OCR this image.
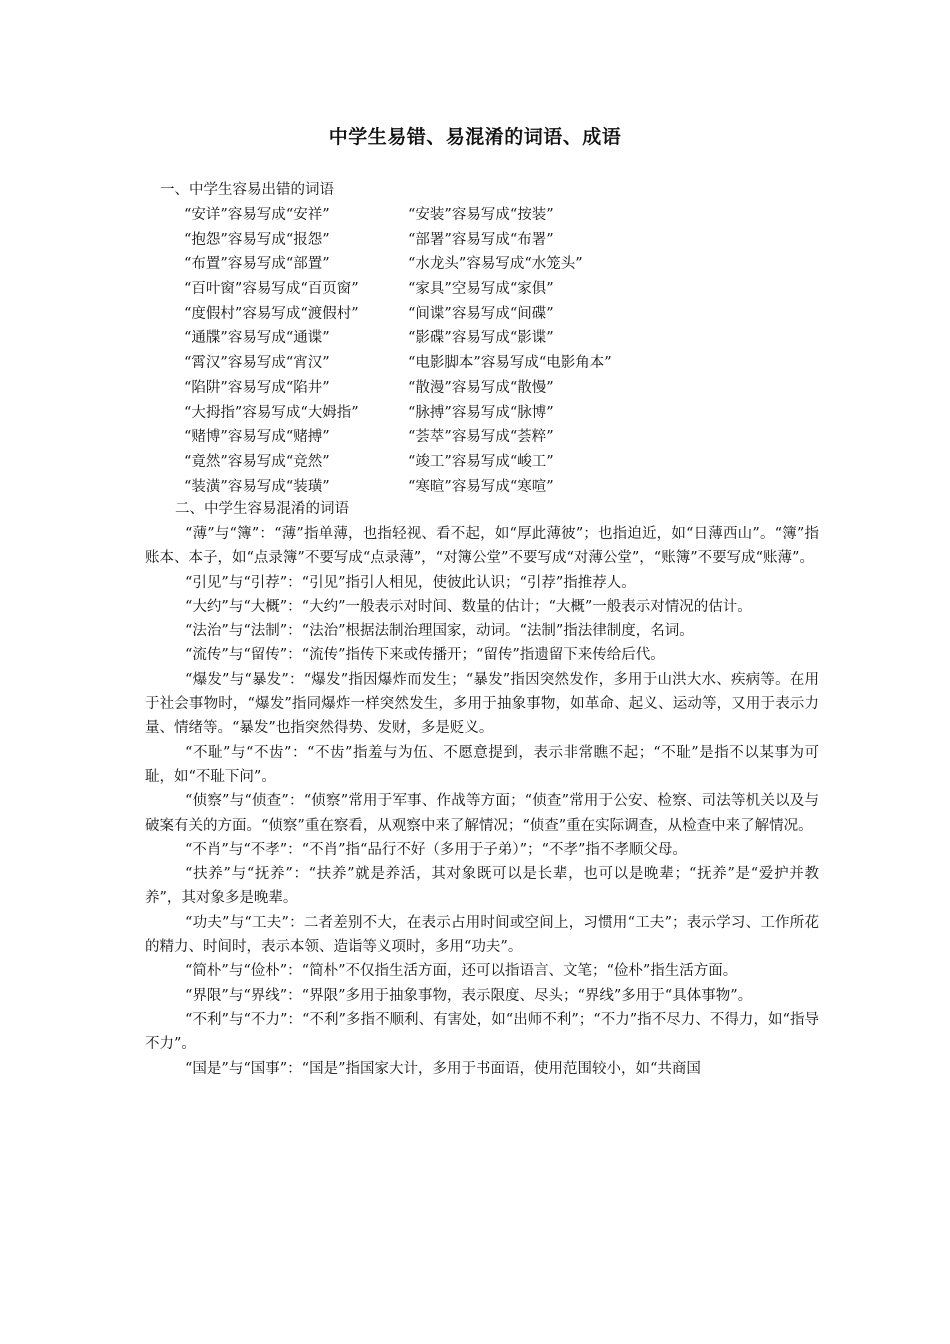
中学生易错、易混淆的词语、成语
一、中学生容易出错的词语
“安详”容易写成“安祥”	“安装”容易写成“按装”
“抱怨”容易写成“报怨”	“部署”容易写成“布署”
“布置”容易写成“部置”	“水龙头”容易写成“水笼头”
“百叶窗”容易写成“百页窗”	“家具”空易写成“家俱”
“度假村”容易写成“渡假村”	“间谍”容易写成“间碟”
“通牒”容易写成“通谍”	“影碟”容易写成“影谍”
“霄汉”容易写成“宵汉”	“电影脚本”容易写成“电影角本”
“陷阱”容易写成“陷井”	“散漫”容易写成“散慢”
“大拇指”容易写成“大姆指”	“脉搏”容易写成“脉博”
“赌博”容易写成“赌搏”	“荟萃”容易写成“荟粹”
“竟然”容易写成“竞然”	“竣工”容易写成“峻工”
“装潢”容易写成“装璜”	“寒暄”容易写成“寒喧”
二、中学生容易混淆的词语

“薄”与“簿”：“薄”指单薄，也指轻视、看不起，如“厚此薄彼”；也指迫近，如“日薄西山”。“簿”指账本、本子，如“点录簿”不要写成“点录薄”，“对簿公堂”不要写成“对薄公堂”，“账簿”不要写成“账薄”。

“引见”与“引荐”：“引见”指引人相见，使彼此认识；“引荐”指推荐人。

“大约”与“大概”：“大约”一般表示对时间、数量的估计；“大概”一般表示对情况的估计。

“法治”与“法制”：“法治”根据法制治理国家，动词。“法制”指法律制度，名词。

“流传”与“留传”：“流传”指传下来或传播开；“留传”指遗留下来传给后代。

“爆发”与“暴发”：“爆发”指因爆炸而发生；“暴发”指因突然发作，多用于山洪大水、疾病等。在用于社会事物时，“爆发”指同爆炸一样突然发生，多用于抽象事物，如革命、起义、运动等，又用于表示力量、情绪等。“暴发”也指突然得势、发财，多是贬义。

“不耻”与“不齿”：“不齿”指羞与为伍、不愿意提到，表示非常瞧不起；“不耻”是指不以某事为可耻，如“不耻下问”。

“侦察”与“侦查”：“侦察”常用于军事、作战等方面；“侦查”常用于公安、检察、司法等机关以及与破案有关的方面。“侦察”重在察看，从观察中来了解情况；“侦查”重在实际调查，从检查中来了解情况。

“不肖”与“不孝”：“不肖”指“品行不好（多用于子弟）”；“不孝”指不孝顺父母。

“扶养”与“抚养”：“扶养”就是养活，其对象既可以是长辈，也可以是晚辈；“抚养”是“爱护并教养”，其对象多是晚辈。

“功夫”与“工夫”：二者差别不大，在表示占用时间或空间上，习惯用“工夫”；表示学习、工作所花的精力、时间时，表示本领、造诣等义项时，多用“功夫”。

“简朴”与“俭朴”：“简朴”不仅指生活方面，还可以指语言、文笔；“俭朴”指生活方面。

“界限”与“界线”：“界限”多用于抽象事物，表示限度、尽头；“界线”多用于“具体事物”。

“不利”与“不力”：“不利”多指不顺利、有害处，如“出师不利”；“不力”指不尽力、不得力，如“指导不力”。

“国是”与“国事”：“国是”指国家大计，多用于书面语，使用范围较小，如“共商国
